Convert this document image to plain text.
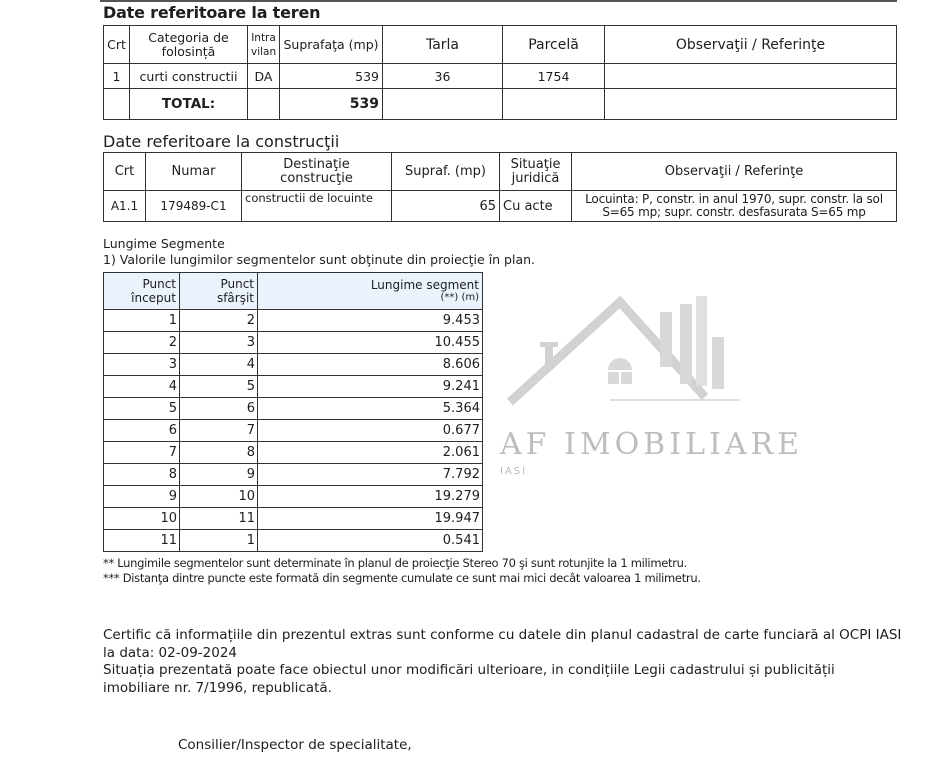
Date referitoare la teren
Crt	Categoria de folosință	Intra vilan	Suprafaţa (mp)	Tarla	Parcelă	Observaţii / Referinţe
1	curti constructii	DA	539	36	1754	
	TOTAL:		539			
Date referitoare la construcţii
Crt	Numar	Destinaţie construcţie	Supraf. (mp)	Situaţie juridică	Observaţii / Referinţe
A1.1	179489-C1	constructii de locuinte	65	Cu acte	Locuinta: P, constr. in anul 1970, supr. constr. la sol S=65 mp; supr. constr. desfasurata S=65 mp
AF IMOBILIARE
IASI
Lungime Segmente
1) Valorile lungimilor segmentelor sunt obţinute din proiecţie în plan.
Punct început	Punct sfârşit	Lungime segment
(**) (m)

1	2	9.453
2	3	10.455
3	4	8.606
4	5	9.241
5	6	5.364
6	7	0.677
7	8	2.061
8	9	7.792
9	10	19.279
10	11	19.947
11	1	0.541
** Lungimile segmentelor sunt determinate în planul de proiecţie Stereo 70 şi sunt rotunjite la 1 milimetru.
*** Distanţa dintre puncte este formată din segmente cumulate ce sunt mai mici decât valoarea 1 milimetru.
Certific că informațiile din prezentul extras sunt conforme cu datele din planul cadastral de carte funciară al OCPI IASI la data: 02-09-2024
Situația prezentată poate face obiectul unor modificări ulterioare, in condițiile Legii cadastrului și publicității imobiliare nr. 7/1996, republicată.
Consilier/Inspector de specialitate,
